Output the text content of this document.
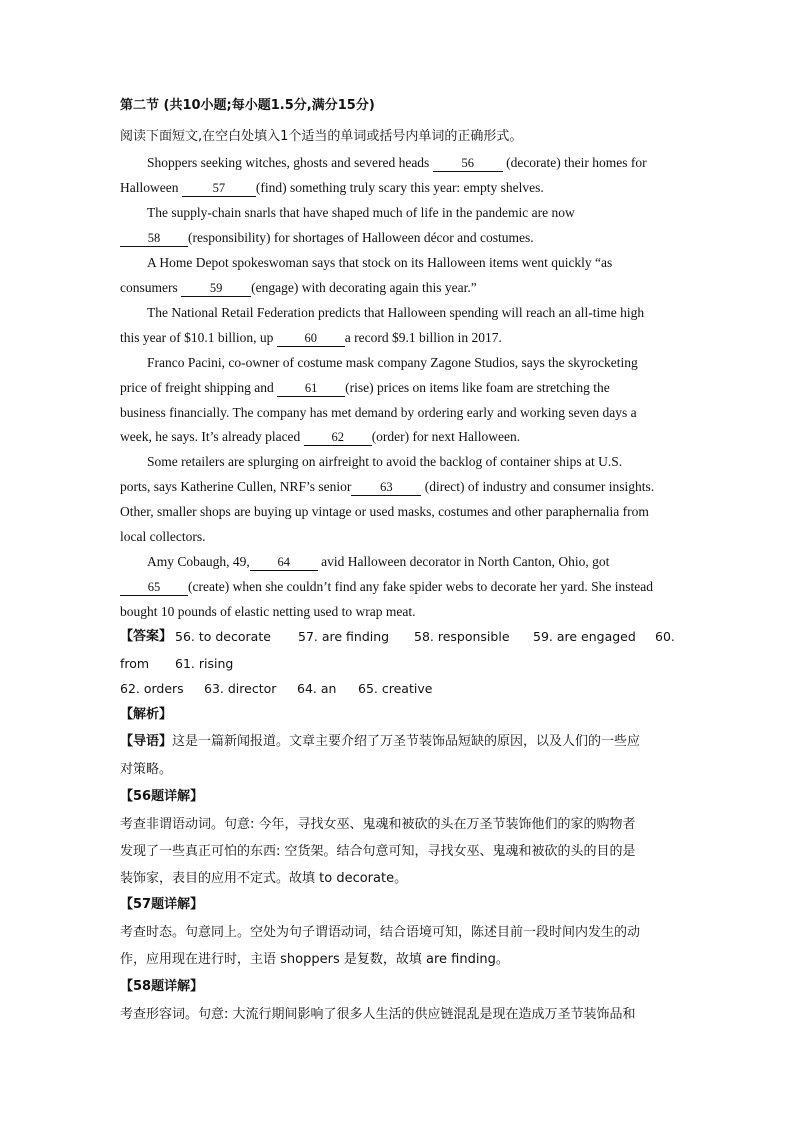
第二节 (共10小题;每小题1.5分,满分15分)
阅读下面短文,在空白处填入1个适当的单词或括号内单词的正确形式。
Shoppers seeking witches, ghosts and severed heads 56 (decorate) their homes for
Halloween 57 (find) something truly scary this year: empty shelves.
The supply-chain snarls that have shaped much of life in the pandemic are now
58 (responsibility) for shortages of Halloween décor and costumes.
A Home Depot spokeswoman says that stock on its Halloween items went quickly “as
consumers 59 (engage) with decorating again this year.”
The National Retail Federation predicts that Halloween spending will reach an all-time high
this year of $10.1 billion, up 60 a record $9.1 billion in 2017.
Franco Pacini, co-owner of costume mask company Zagone Studios, says the skyrocketing
price of freight shipping and 61 (rise) prices on items like foam are stretching the
business financially. The company has met demand by ordering early and working seven days a
week, he says. It’s already placed 62 (order) for next Halloween.
Some retailers are splurging on airfreight to avoid the backlog of container ships at U.S.
ports, says Katherine Cullen, NRF’s senior 63 (direct) of industry and consumer insights.
Other, smaller shops are buying up vintage or used masks, costumes and other paraphernalia from
local collectors.
Amy Cobaugh, 49, 64 avid Halloween decorator in North Canton, Ohio, got
65 (create) when she couldn’t find any fake spider webs to decorate her yard. She instead
bought 10 pounds of elastic netting used to wrap meat.
【答案】 56. to decorate 57. are finding 58. responsible 59. are engaged 60.
from 61. rising
62. orders 63. director 64. an 65. creative
【解析】
【导语】这是一篇新闻报道。文章主要介绍了万圣节装饰品短缺的原因，以及人们的一些应
对策略。
【56题详解】
考查非谓语动词。句意: 今年，寻找女巫、鬼魂和被砍的头在万圣节装饰他们的家的购物者
发现了一些真正可怕的东西: 空货架。结合句意可知，寻找女巫、鬼魂和被砍的头的目的是
装饰家，表目的应用不定式。故填 to decorate。
【57题详解】
考查时态。句意同上。空处为句子谓语动词，结合语境可知，陈述目前一段时间内发生的动
作，应用现在进行时，主语 shoppers 是复数，故填 are finding。
【58题详解】
考查形容词。句意: 大流行期间影响了很多人生活的供应链混乱是现在造成万圣节装饰品和
